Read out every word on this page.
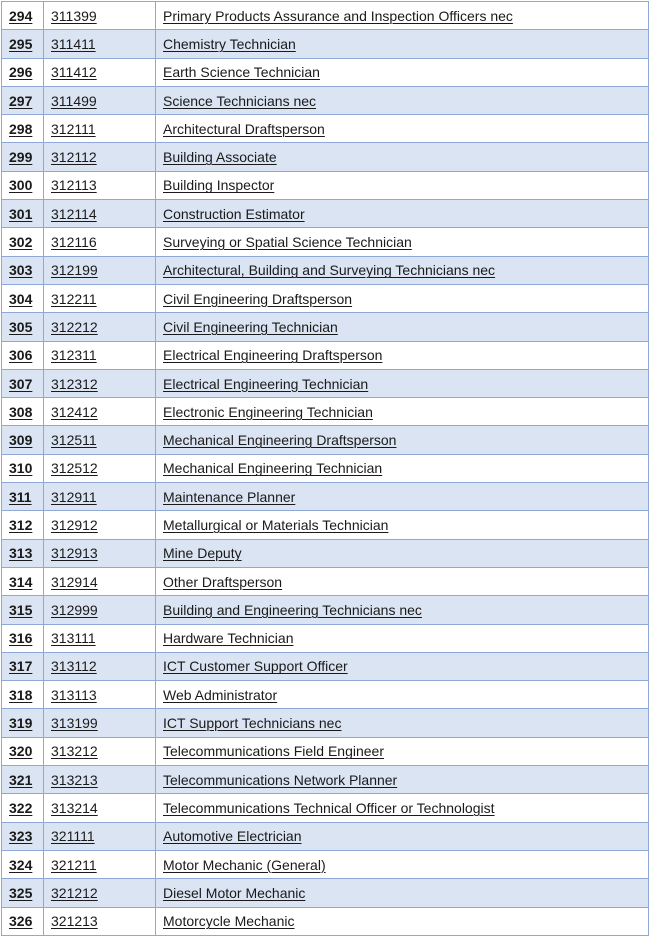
294	311399	Primary Products Assurance and Inspection Officers nec
295	311411	Chemistry Technician
296	311412	Earth Science Technician
297	311499	Science Technicians nec
298	312111	Architectural Draftsperson
299	312112	Building Associate
300	312113	Building Inspector
301	312114	Construction Estimator
302	312116	Surveying or Spatial Science Technician
303	312199	Architectural, Building and Surveying Technicians nec
304	312211	Civil Engineering Draftsperson
305	312212	Civil Engineering Technician
306	312311	Electrical Engineering Draftsperson
307	312312	Electrical Engineering Technician
308	312412	Electronic Engineering Technician
309	312511	Mechanical Engineering Draftsperson
310	312512	Mechanical Engineering Technician
311	312911	Maintenance Planner
312	312912	Metallurgical or Materials Technician
313	312913	Mine Deputy
314	312914	Other Draftsperson
315	312999	Building and Engineering Technicians nec
316	313111	Hardware Technician
317	313112	ICT Customer Support Officer
318	313113	Web Administrator
319	313199	ICT Support Technicians nec
320	313212	Telecommunications Field Engineer
321	313213	Telecommunications Network Planner
322	313214	Telecommunications Technical Officer or Technologist
323	321111	Automotive Electrician
324	321211	Motor Mechanic (General)
325	321212	Diesel Motor Mechanic
326	321213	Motorcycle Mechanic
